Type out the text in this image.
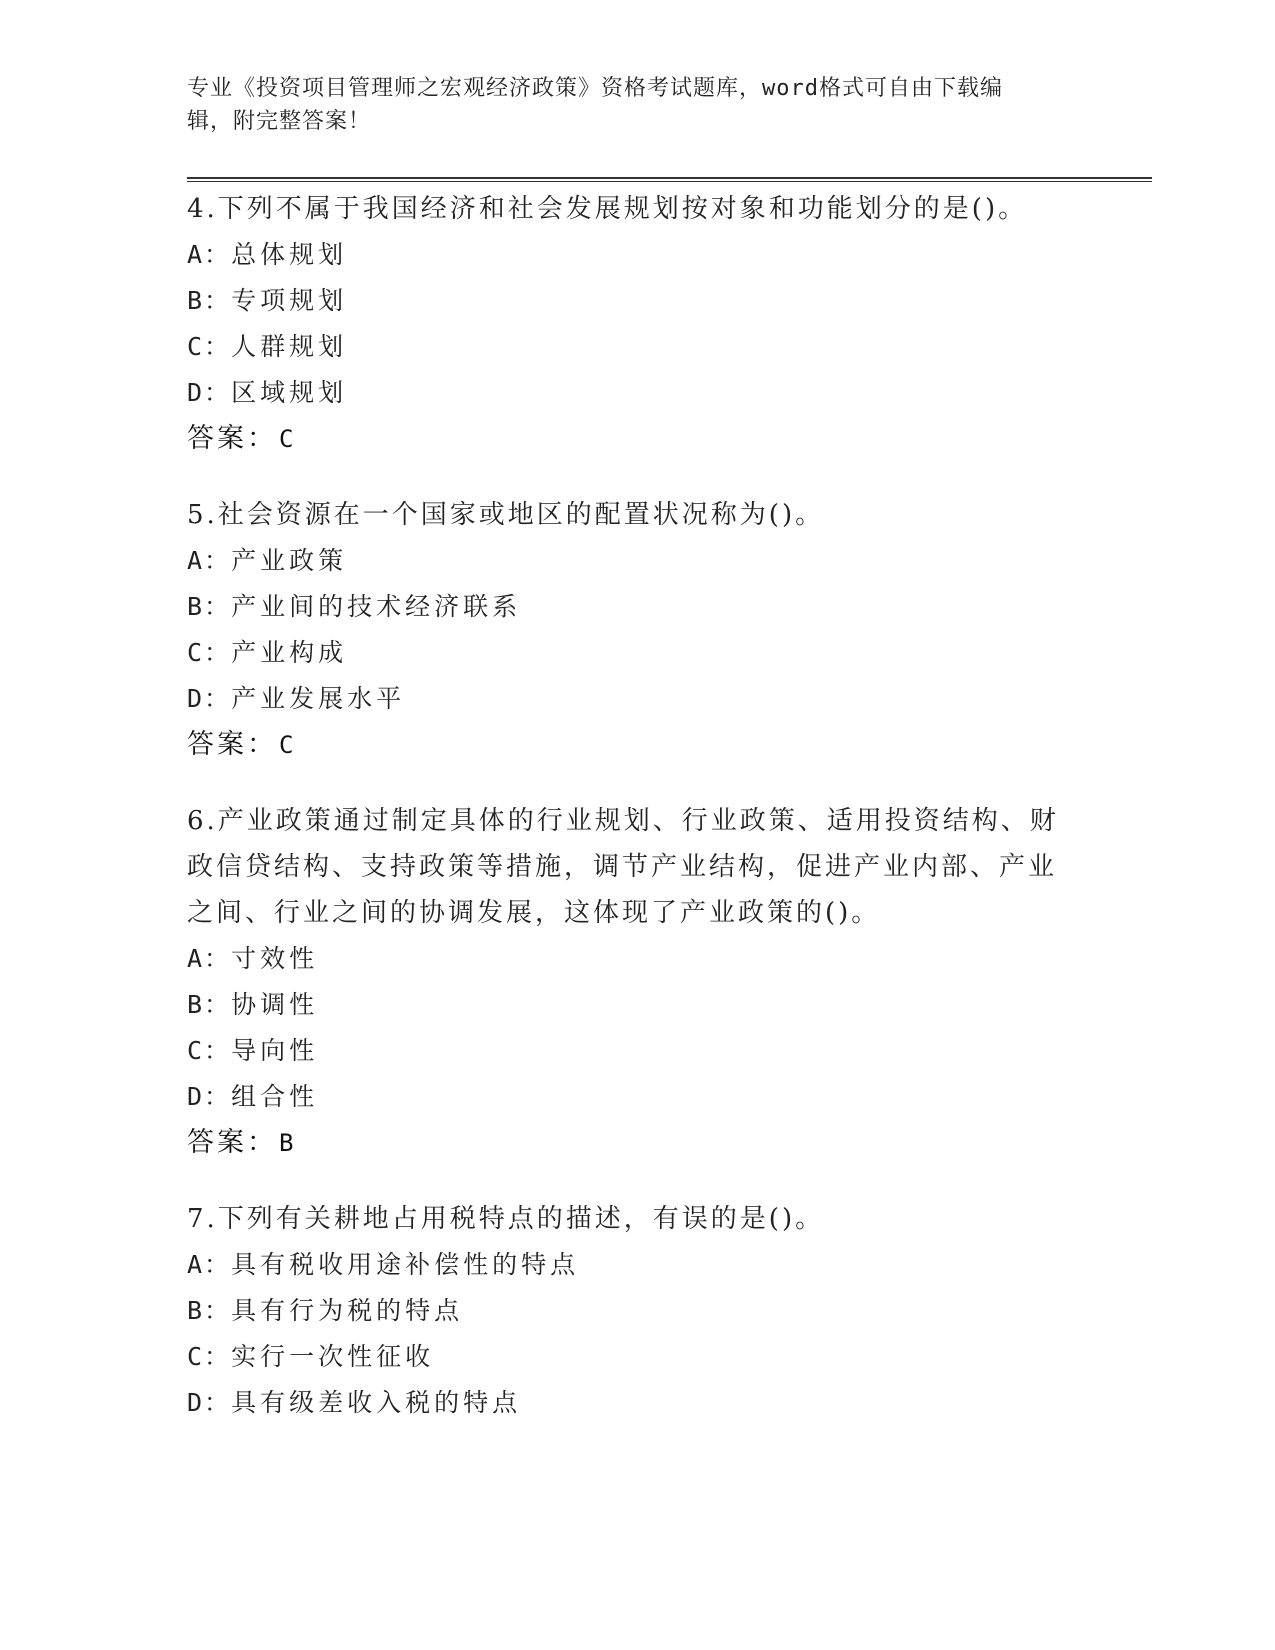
专业《投资项目管理师之宏观经济政策》资格考试题库，word格式可自由下载编
辑，附完整答案！
4.下列不属于我国经济和社会发展规划按对象和功能划分的是()。
A：总体规划
B：专项规划
C：人群规划
D：区域规划
答案：C
5.社会资源在一个国家或地区的配置状况称为()。
A：产业政策
B：产业间的技术经济联系
C：产业构成
D：产业发展水平
答案：C
6.产业政策通过制定具体的行业规划、行业政策、适用投资结构、财
政信贷结构、支持政策等措施，调节产业结构，促进产业内部、产业
之间、行业之间的协调发展，这体现了产业政策的()。
A：寸效性
B：协调性
C：导向性
D：组合性
答案：B
7.下列有关耕地占用税特点的描述，有误的是()。
A：具有税收用途补偿性的特点
B：具有行为税的特点
C：实行一次性征收
D：具有级差收入税的特点
